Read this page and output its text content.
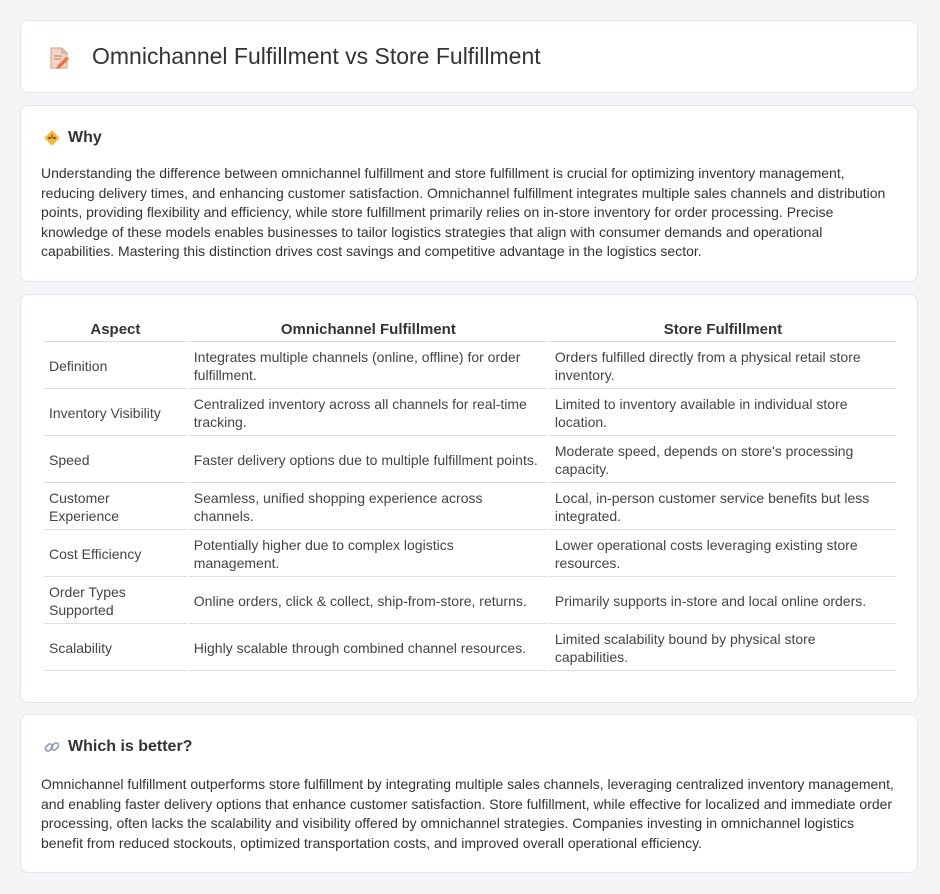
Omnichannel Fulfillment vs Store Fulfillment
Why

Understanding the difference between omnichannel fulfillment and store fulfillment is crucial for optimizing inventory management, reducing delivery times, and enhancing customer satisfaction. Omnichannel fulfillment integrates multiple sales channels and distribution points, providing flexibility and efficiency, while store fulfillment primarily relies on in-store inventory for order processing. Precise knowledge of these models enables businesses to tailor logistics strategies that align with consumer demands and operational capabilities. Mastering this distinction drives cost savings and competitive advantage in the logistics sector.

Aspect	Omnichannel Fulfillment	Store Fulfillment
Definition	Integrates multiple channels (online, offline) for order fulfillment.	Orders fulfilled directly from a physical retail store inventory.
Inventory Visibility	Centralized inventory across all channels for real-time tracking.	Limited to inventory available in individual store location.
Speed	Faster delivery options due to multiple fulfillment points.	Moderate speed, depends on store's processing capacity.
Customer Experience	Seamless, unified shopping experience across channels.	Local, in-person customer service benefits but less integrated.
Cost Efficiency	Potentially higher due to complex logistics management.	Lower operational costs leveraging existing store resources.
Order Types Supported	Online orders, click & collect, ship-from-store, returns.	Primarily supports in-store and local online orders.
Scalability	Highly scalable through combined channel resources.	Limited scalability bound by physical store capabilities.
Which is better?

Omnichannel fulfillment outperforms store fulfillment by integrating multiple sales channels, leveraging centralized inventory management, and enabling faster delivery options that enhance customer satisfaction. Store fulfillment, while effective for localized and immediate order processing, often lacks the scalability and visibility offered by omnichannel strategies. Companies investing in omnichannel logistics benefit from reduced stockouts, optimized transportation costs, and improved overall operational efficiency.
